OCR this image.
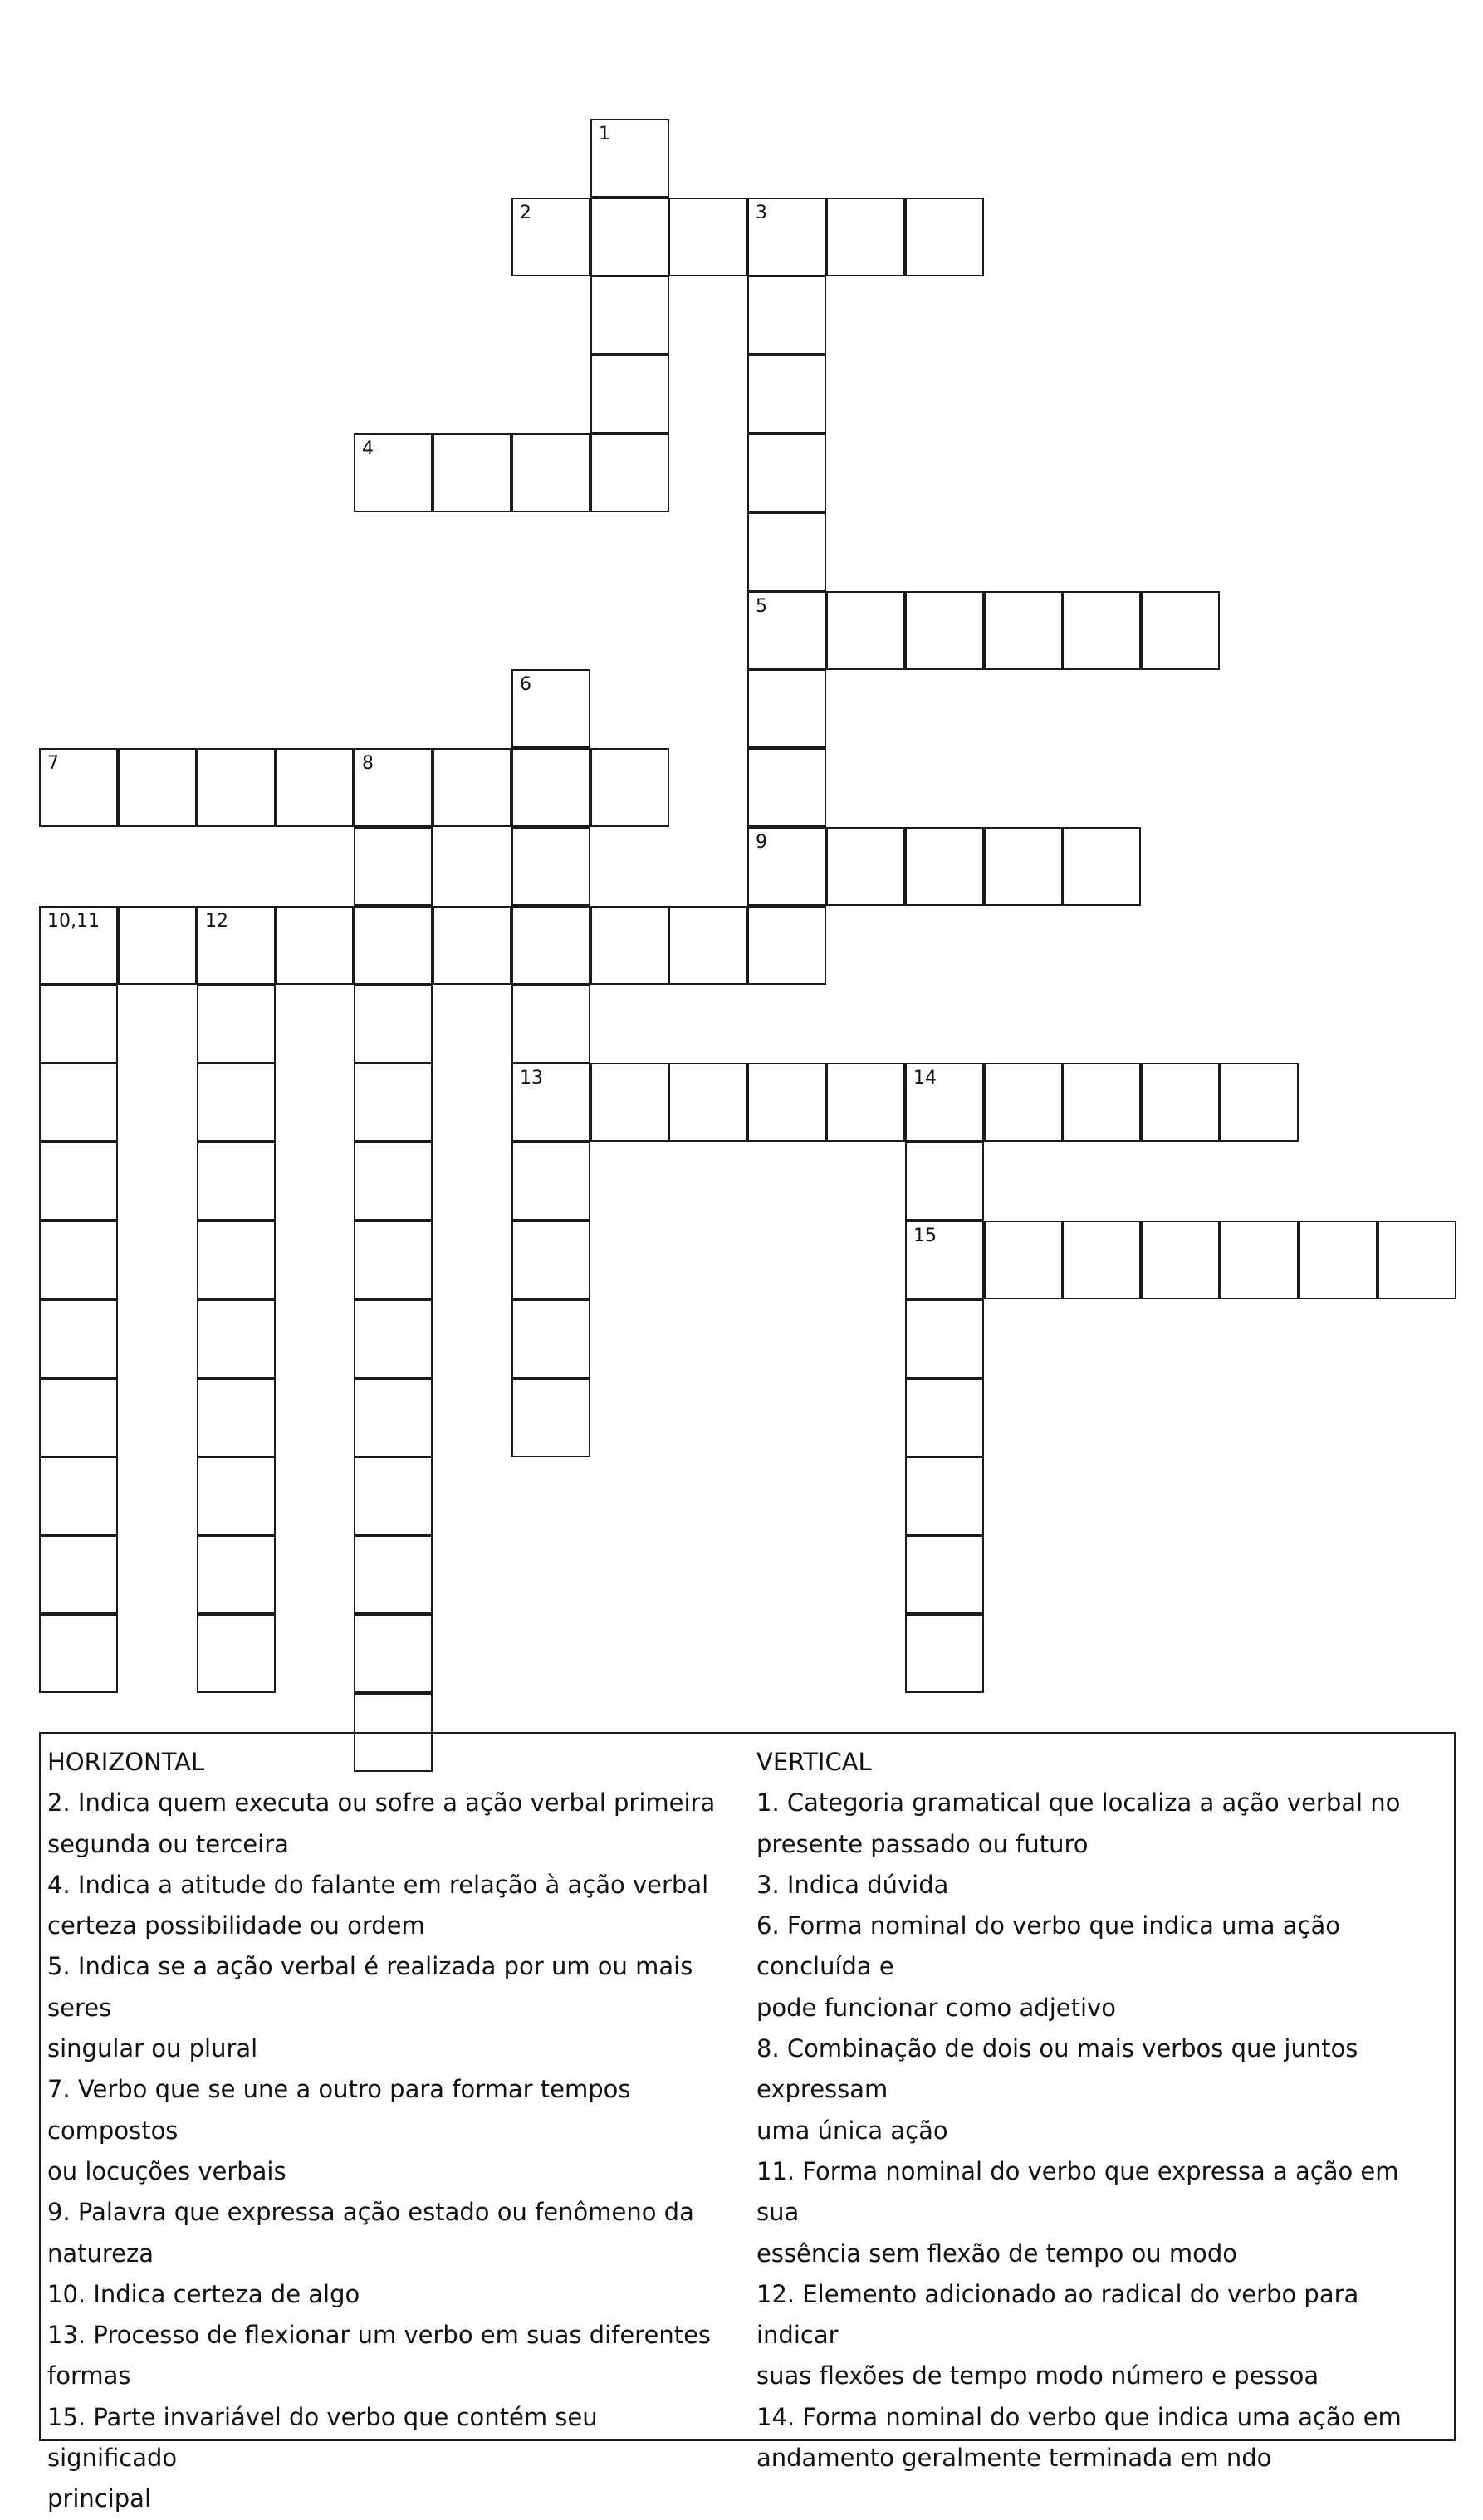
1
2	3
4
5
6
7	8
9
10,11	12
13	14
15
HORIZONTAL
2. Indica quem executa ou sofre a ação verbal primeira
segunda ou terceira
4. Indica a atitude do falante em relação à ação verbal
certeza possibilidade ou ordem
5. Indica se a ação verbal é realizada por um ou mais seres
singular ou plural
7. Verbo que se une a outro para formar tempos compostos
ou locuções verbais
9. Palavra que expressa ação estado ou fenômeno da
natureza
10. Indica certeza de algo
13. Processo de flexionar um verbo em suas diferentes
formas
15. Parte invariável do verbo que contém seu significado
principal
VERTICAL
1. Categoria gramatical que localiza a ação verbal no
presente passado ou futuro
3. Indica dúvida
6. Forma nominal do verbo que indica uma ação concluída e
pode funcionar como adjetivo
8. Combinação de dois ou mais verbos que juntos expressam
uma única ação
11. Forma nominal do verbo que expressa a ação em sua
essência sem flexão de tempo ou modo
12. Elemento adicionado ao radical do verbo para indicar
suas flexões de tempo modo número e pessoa
14. Forma nominal do verbo que indica uma ação em
andamento geralmente terminada em ndo
